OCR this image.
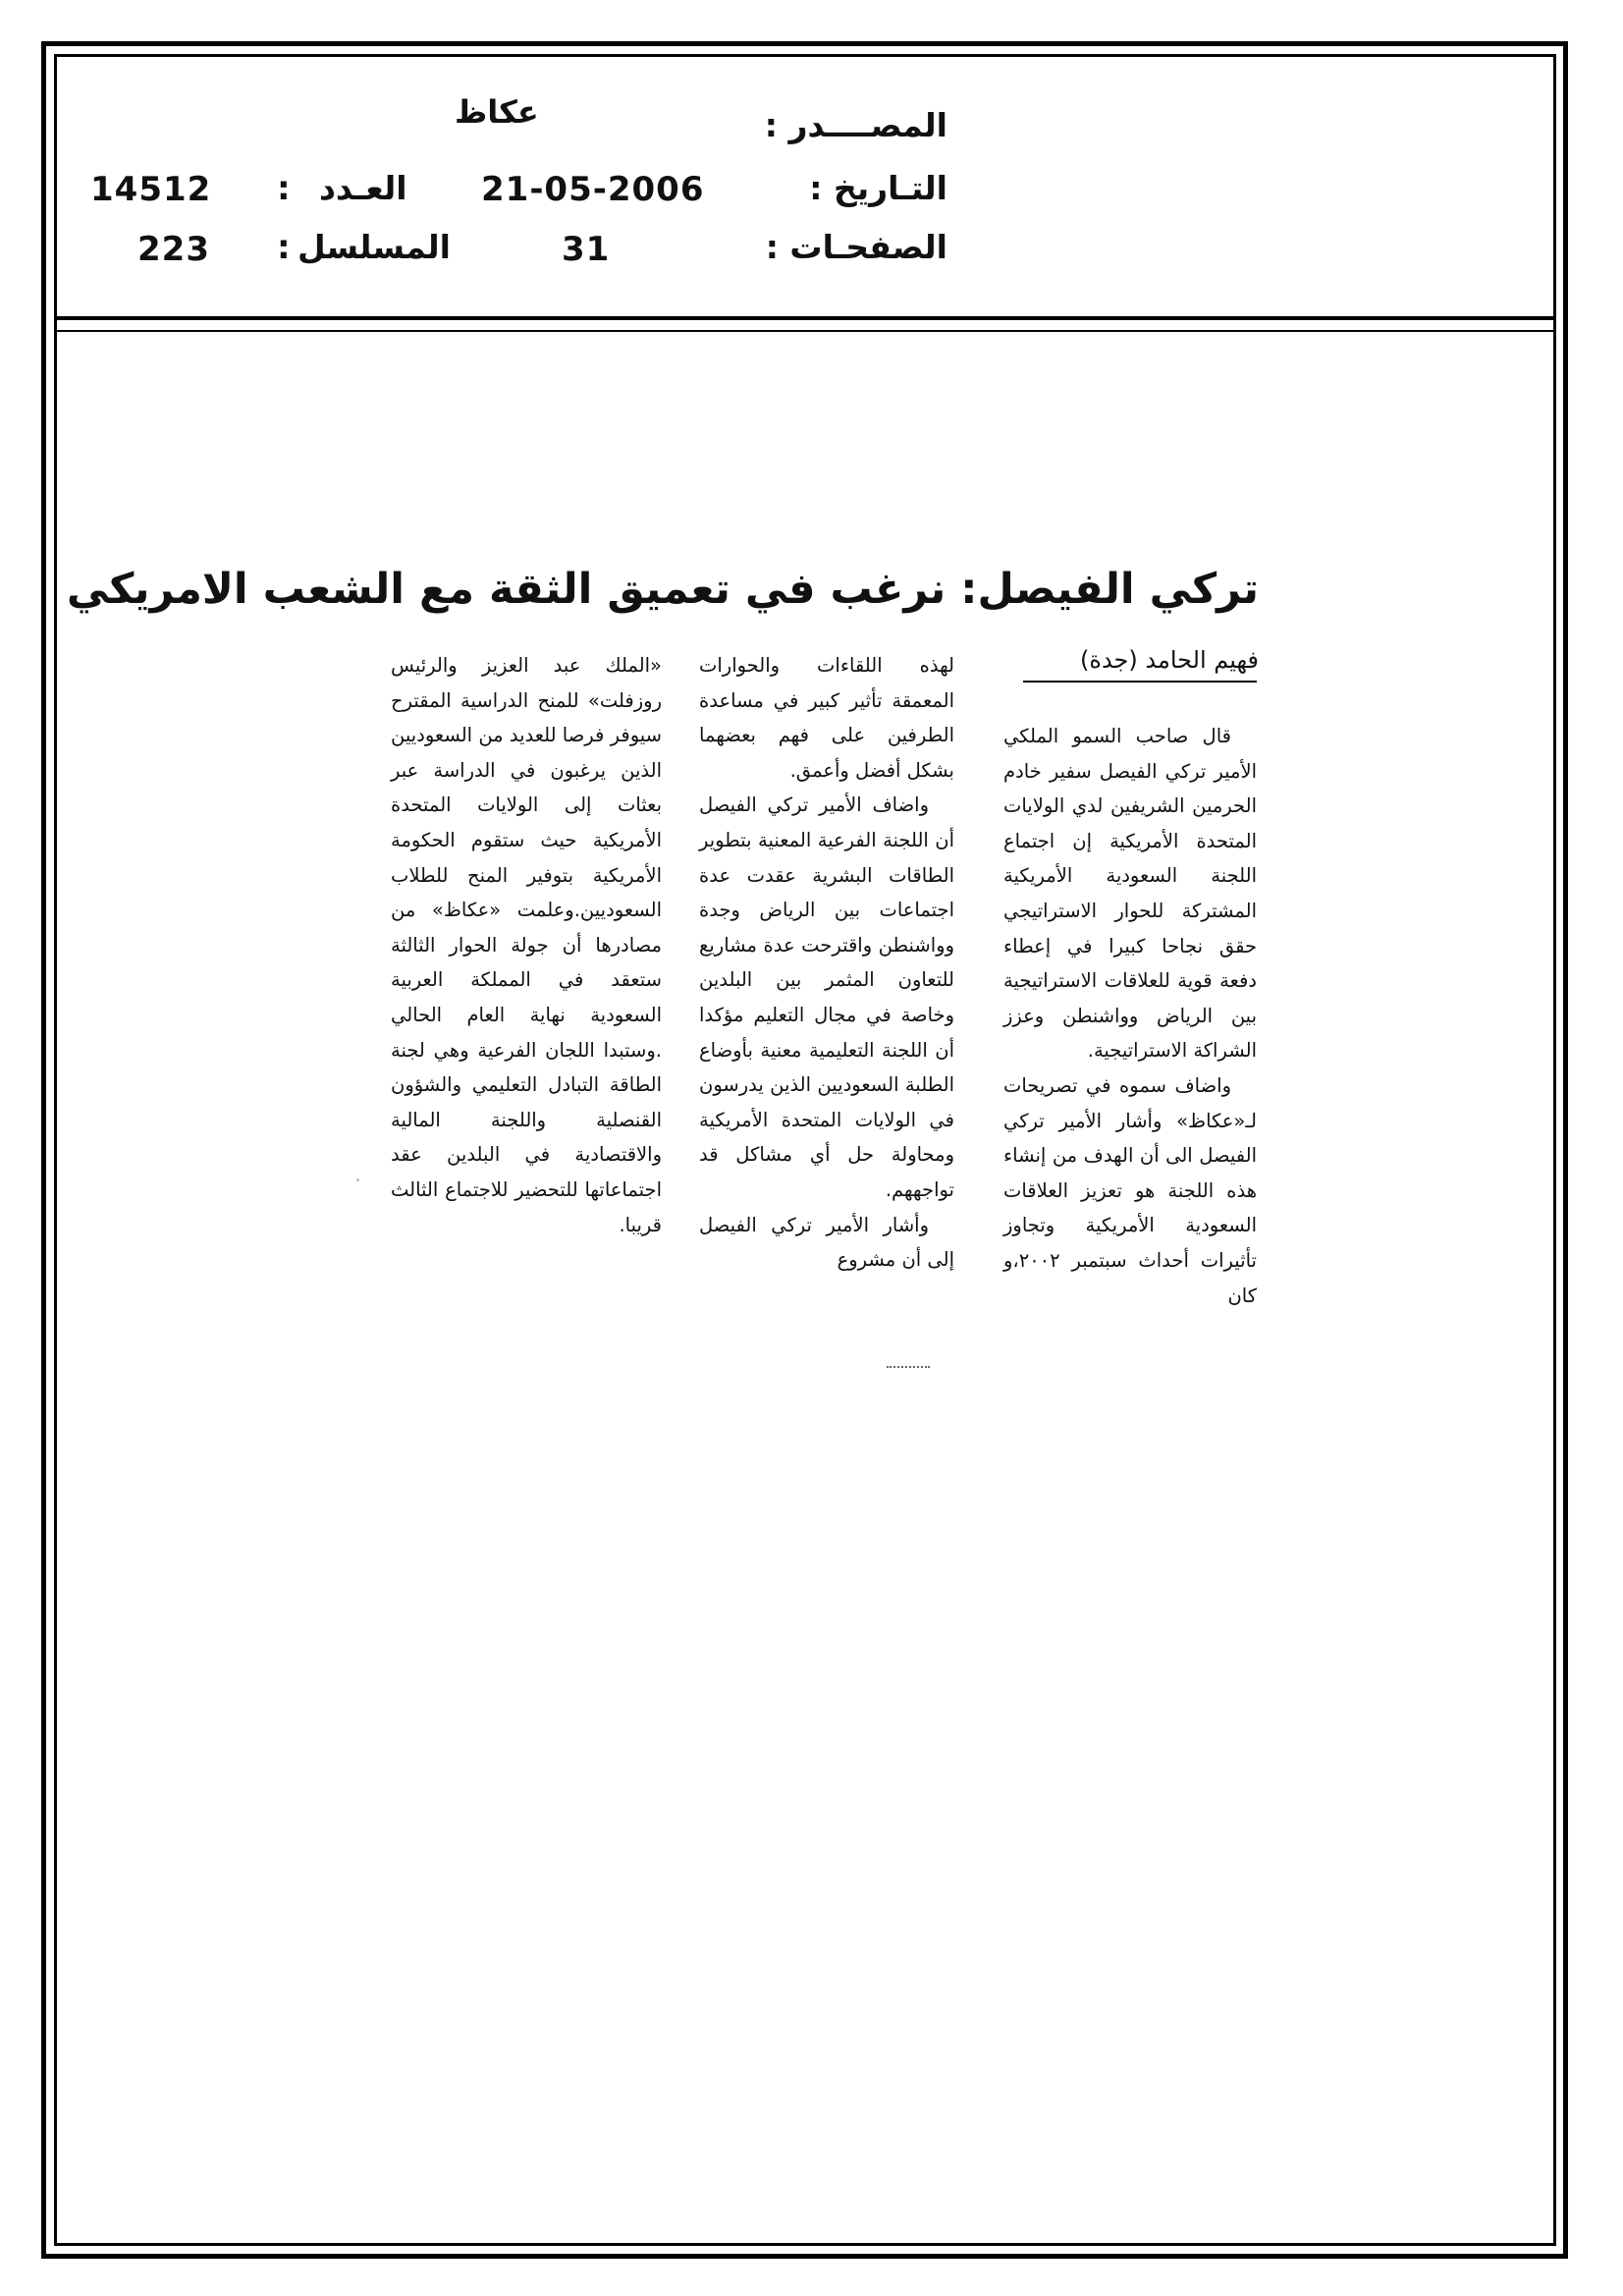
المصــــدر :
عكاظ
التـاريخ :
21-05-2006
العـدد
:
14512
الصفحـات :
31
المسلسل
:
223
تركي الفيصل: نرغب في تعميق الثقة مع الشعب الامريكي
فهيم الحامد (جدة)

قال صاحب السمو الملكي الأمير تركي الفيصل سفير خادم الحرمين الشريفين لدي الولايات المتحدة الأمريكية إن اجتماع اللجنة السعودية الأمريكية المشتركة للحوار الاستراتيجي حقق نجاحا كبيرا في إعطاء دفعة قوية للعلاقات الاستراتيجية بين الرياض وواشنطن وعزز الشراكة الاستراتيجية.

واضاف سموه في تصريحات لـ«عكاظ» وأشار الأمير تركي الفيصل الى أن الهدف من إنشاء هذه اللجنة هو تعزيز العلاقات السعودية الأمريكية وتجاوز تأثيرات أحداث سبتمبر ٢٠٠٢،و كان

لهذه اللقاءات والحوارات المعمقة تأثير كبير في مساعدة الطرفين على فهم بعضهما بشكل أفضل وأعمق.

واضاف الأمير تركي الفيصل أن اللجنة الفرعية المعنية بتطوير الطاقات البشرية عقدت عدة اجتماعات بين الرياض وجدة وواشنطن واقترحت عدة مشاريع للتعاون المثمر بين البلدين وخاصة في مجال التعليم مؤكدا أن اللجنة التعليمية معنية بأوضاع الطلبة السعوديين الذين يدرسون في الولايات المتحدة الأمريكية ومحاولة حل أي مشاكل قد تواجههم.

وأشار الأمير تركي الفيصل إلى أن مشروع

«الملك عبد العزيز والرئيس روزفلت» للمنح الدراسية المقترح سيوفر فرصا للعديد من السعوديين الذين يرغبون في الدراسة عبر بعثات إلى الولايات المتحدة الأمريكية حيث ستقوم الحكومة الأمريكية بتوفير المنح للطلاب السعوديين.وعلمت «عكاظ» من مصادرها أن جولة الحوار الثالثة ستعقد في المملكة العربية السعودية نهاية العام الحالي .وستبدا اللجان الفرعية وهي لجنة الطاقة التبادل التعليمي والشؤون القنصلية واللجنة المالية والاقتصادية في البلدين عقد اجتماعاتها للتحضير للاجتماع الثالث قريبا.
